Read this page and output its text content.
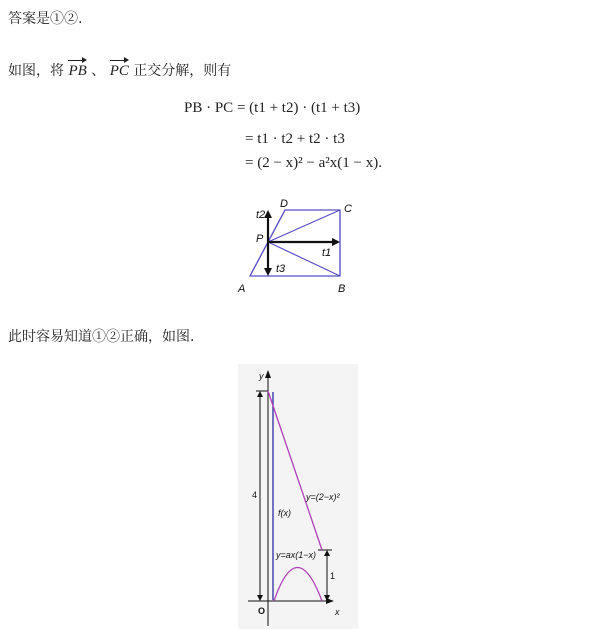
答案是①②.
如图，将 PB 、 PC 正交分解，则有
PB · PC = (t1 + t2) · (t1 + t3)
= t1 · t2 + t2 · t3
= (2 − x)² − a²x(1 − x).
A	B
C
D
P
t1
t2
t3
此时容易知道①②正确，如图.
y
x
O
4
1
f(x)
y=(2−x)²
y=ax(1−x)
